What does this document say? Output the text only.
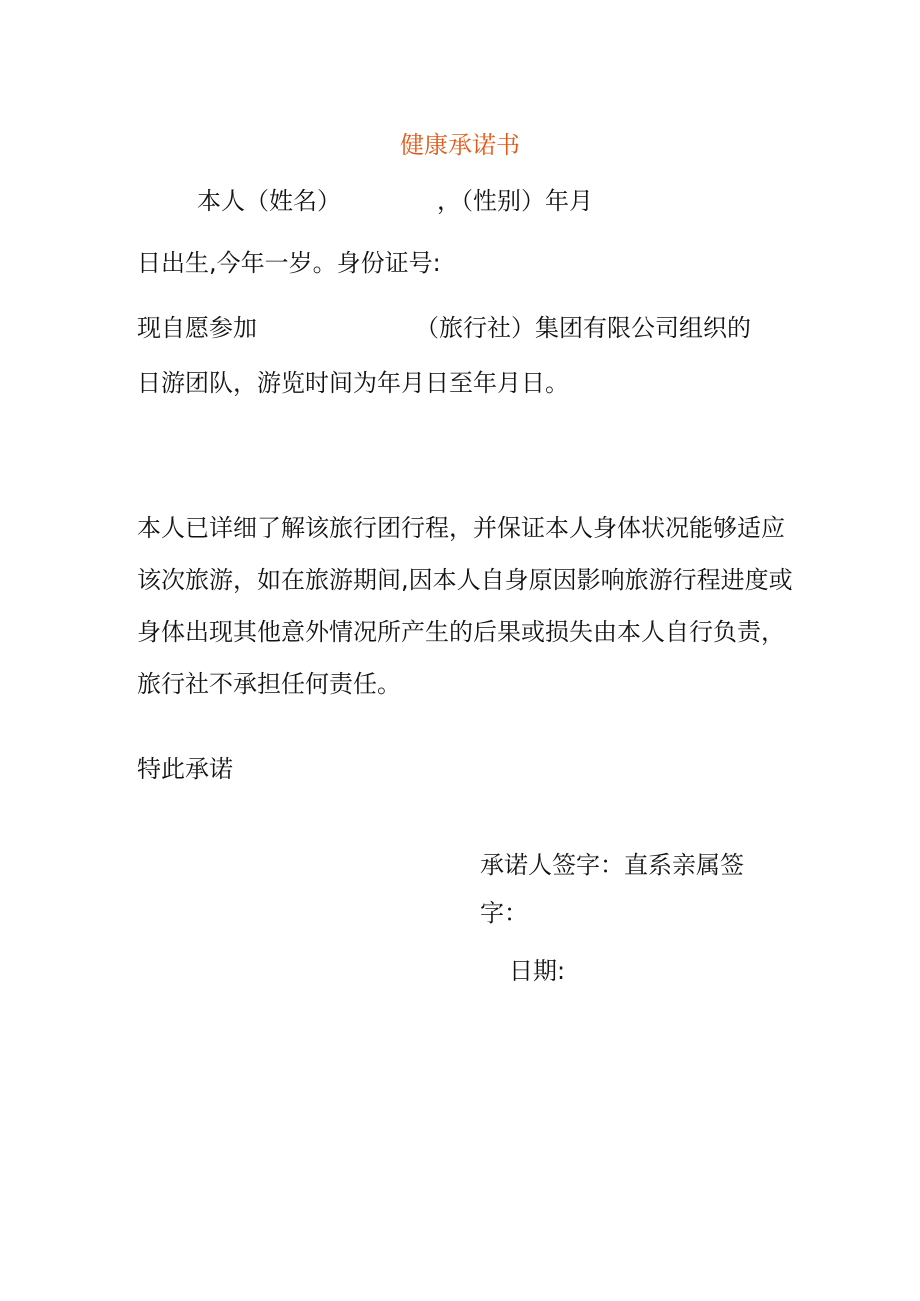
健康承诺书
本人（姓名）	，（性别）年月
日出生,今年一岁。身份证号:
现自愿参加	（旅行社）集团有限公司组织的
日游团队，游览时间为年月日至年月日。
本人已详细了解该旅行团行程，并保证本人身体状况能够适应该次旅游，如在旅游期间,因本人自身原因影响旅游行程进度或身体出现其他意外情况所产生的后果或损失由本人自行负责，旅行社不承担任何责任。
特此承诺
承诺人签字：直系亲属签
字：
日期:
